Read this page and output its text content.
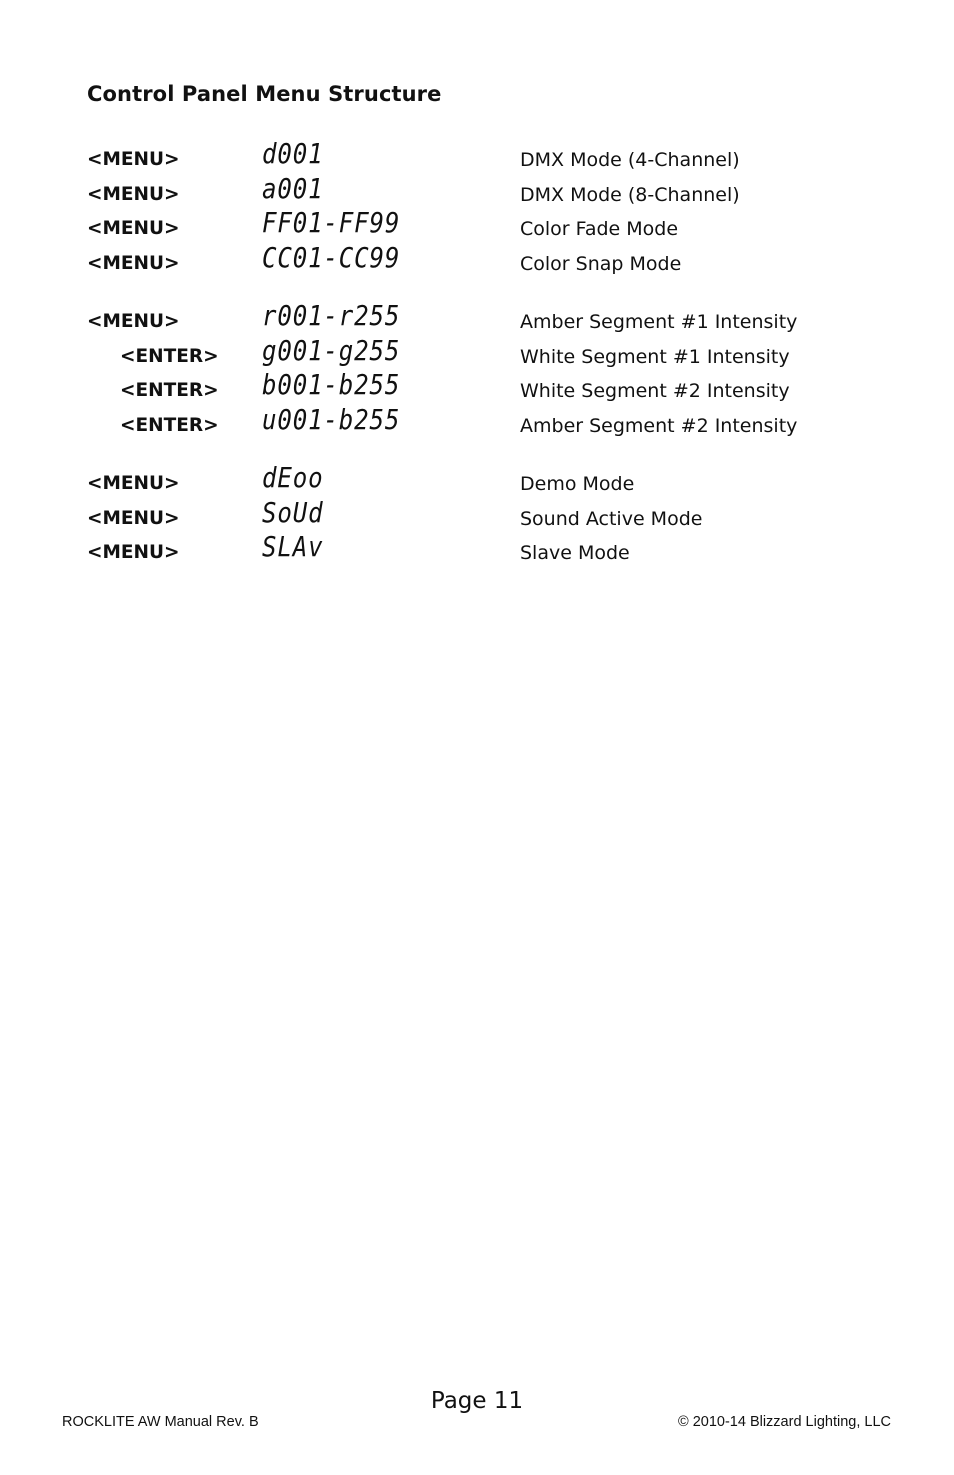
Control Panel Menu Structure
<MENU>	d001	DMX Mode (4-Channel)
<MENU>	a001	DMX Mode (8-Channel)
<MENU>	FF01-FF99	Color Fade Mode
<MENU>	CC01-CC99	Color Snap Mode
<MENU>	r001-r255	Amber Segment #1 Intensity
<ENTER> g001-g255	White Segment #1 Intensity
<ENTER> b001-b255	White Segment #2 Intensity
<ENTER> u001-b255	Amber Segment #2 Intensity
<MENU>	dEoo	Demo Mode
<MENU>	SoUd	Sound Active Mode
<MENU>	SLAv	Slave Mode
Page 11
ROCKLITE AW Manual Rev. B	© 2010-14 Blizzard Lighting, LLC
